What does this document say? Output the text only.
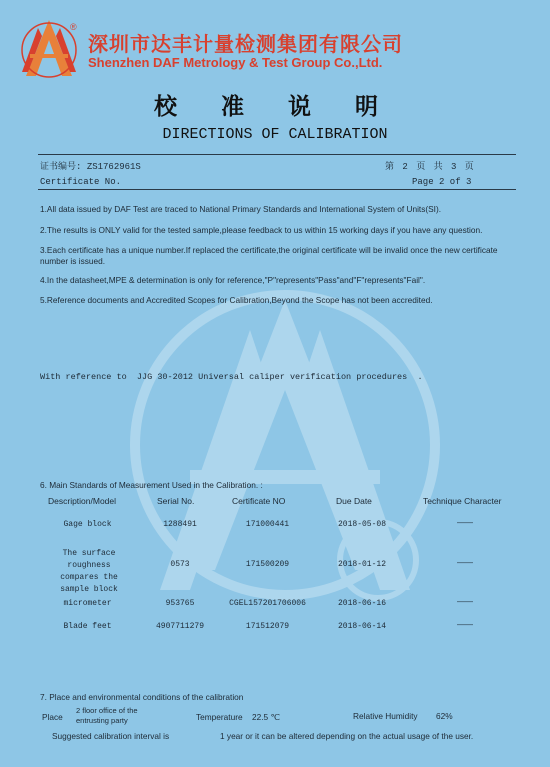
®
深圳市达丰计量检测集团有限公司
Shenzhen DAF Metrology & Test Group Co.,Ltd.
校 准 说 明
DIRECTIONS OF CALIBRATION
证书编号: ZS1762961S
Certificate No.
第 2 页 共 3 页
Page 2 of 3
1.All data issued by DAF Test are traced to National Primary Standards and International System of Units(SI).
2.The results is ONLY valid for the tested sample,please feedback to us within 15 working days if you have any question.
3.Each certificate has a unique number.If replaced the certificate,the original certificate will be invalid once the new certificate number is issued.
4.In the datasheet,MPE & determination is only for reference,"P"represents"Pass"and"F"represents"Fail".
5.Reference documents and Accredited Scopes for Calibration,Beyond the Scope has not been accredited.
With reference to  JJG 30-2012 Universal caliper verification procedures  .
6. Main Standards of Measurement Used in the Calibration. :
Description/Model	Serial No.	Certificate NO	Due Date	Technique Character
Gage block	1288491	171000441	2018-05-08	——
The surface roughness compares the sample block
0573	171500209	2018-01-12	——
micrometer	953765	CGEL157201706006	2018-06-16	——
Blade feet	4907711279	171512079	2018-06-14	——
7. Place and environmental conditions of the calibration
Place
2 floor office of the entrusting party	Temperature 22.5 ℃	Relative Humidity 62%
Suggested calibration interval is	1 year or it can be altered depending on the actual usage of the user.
